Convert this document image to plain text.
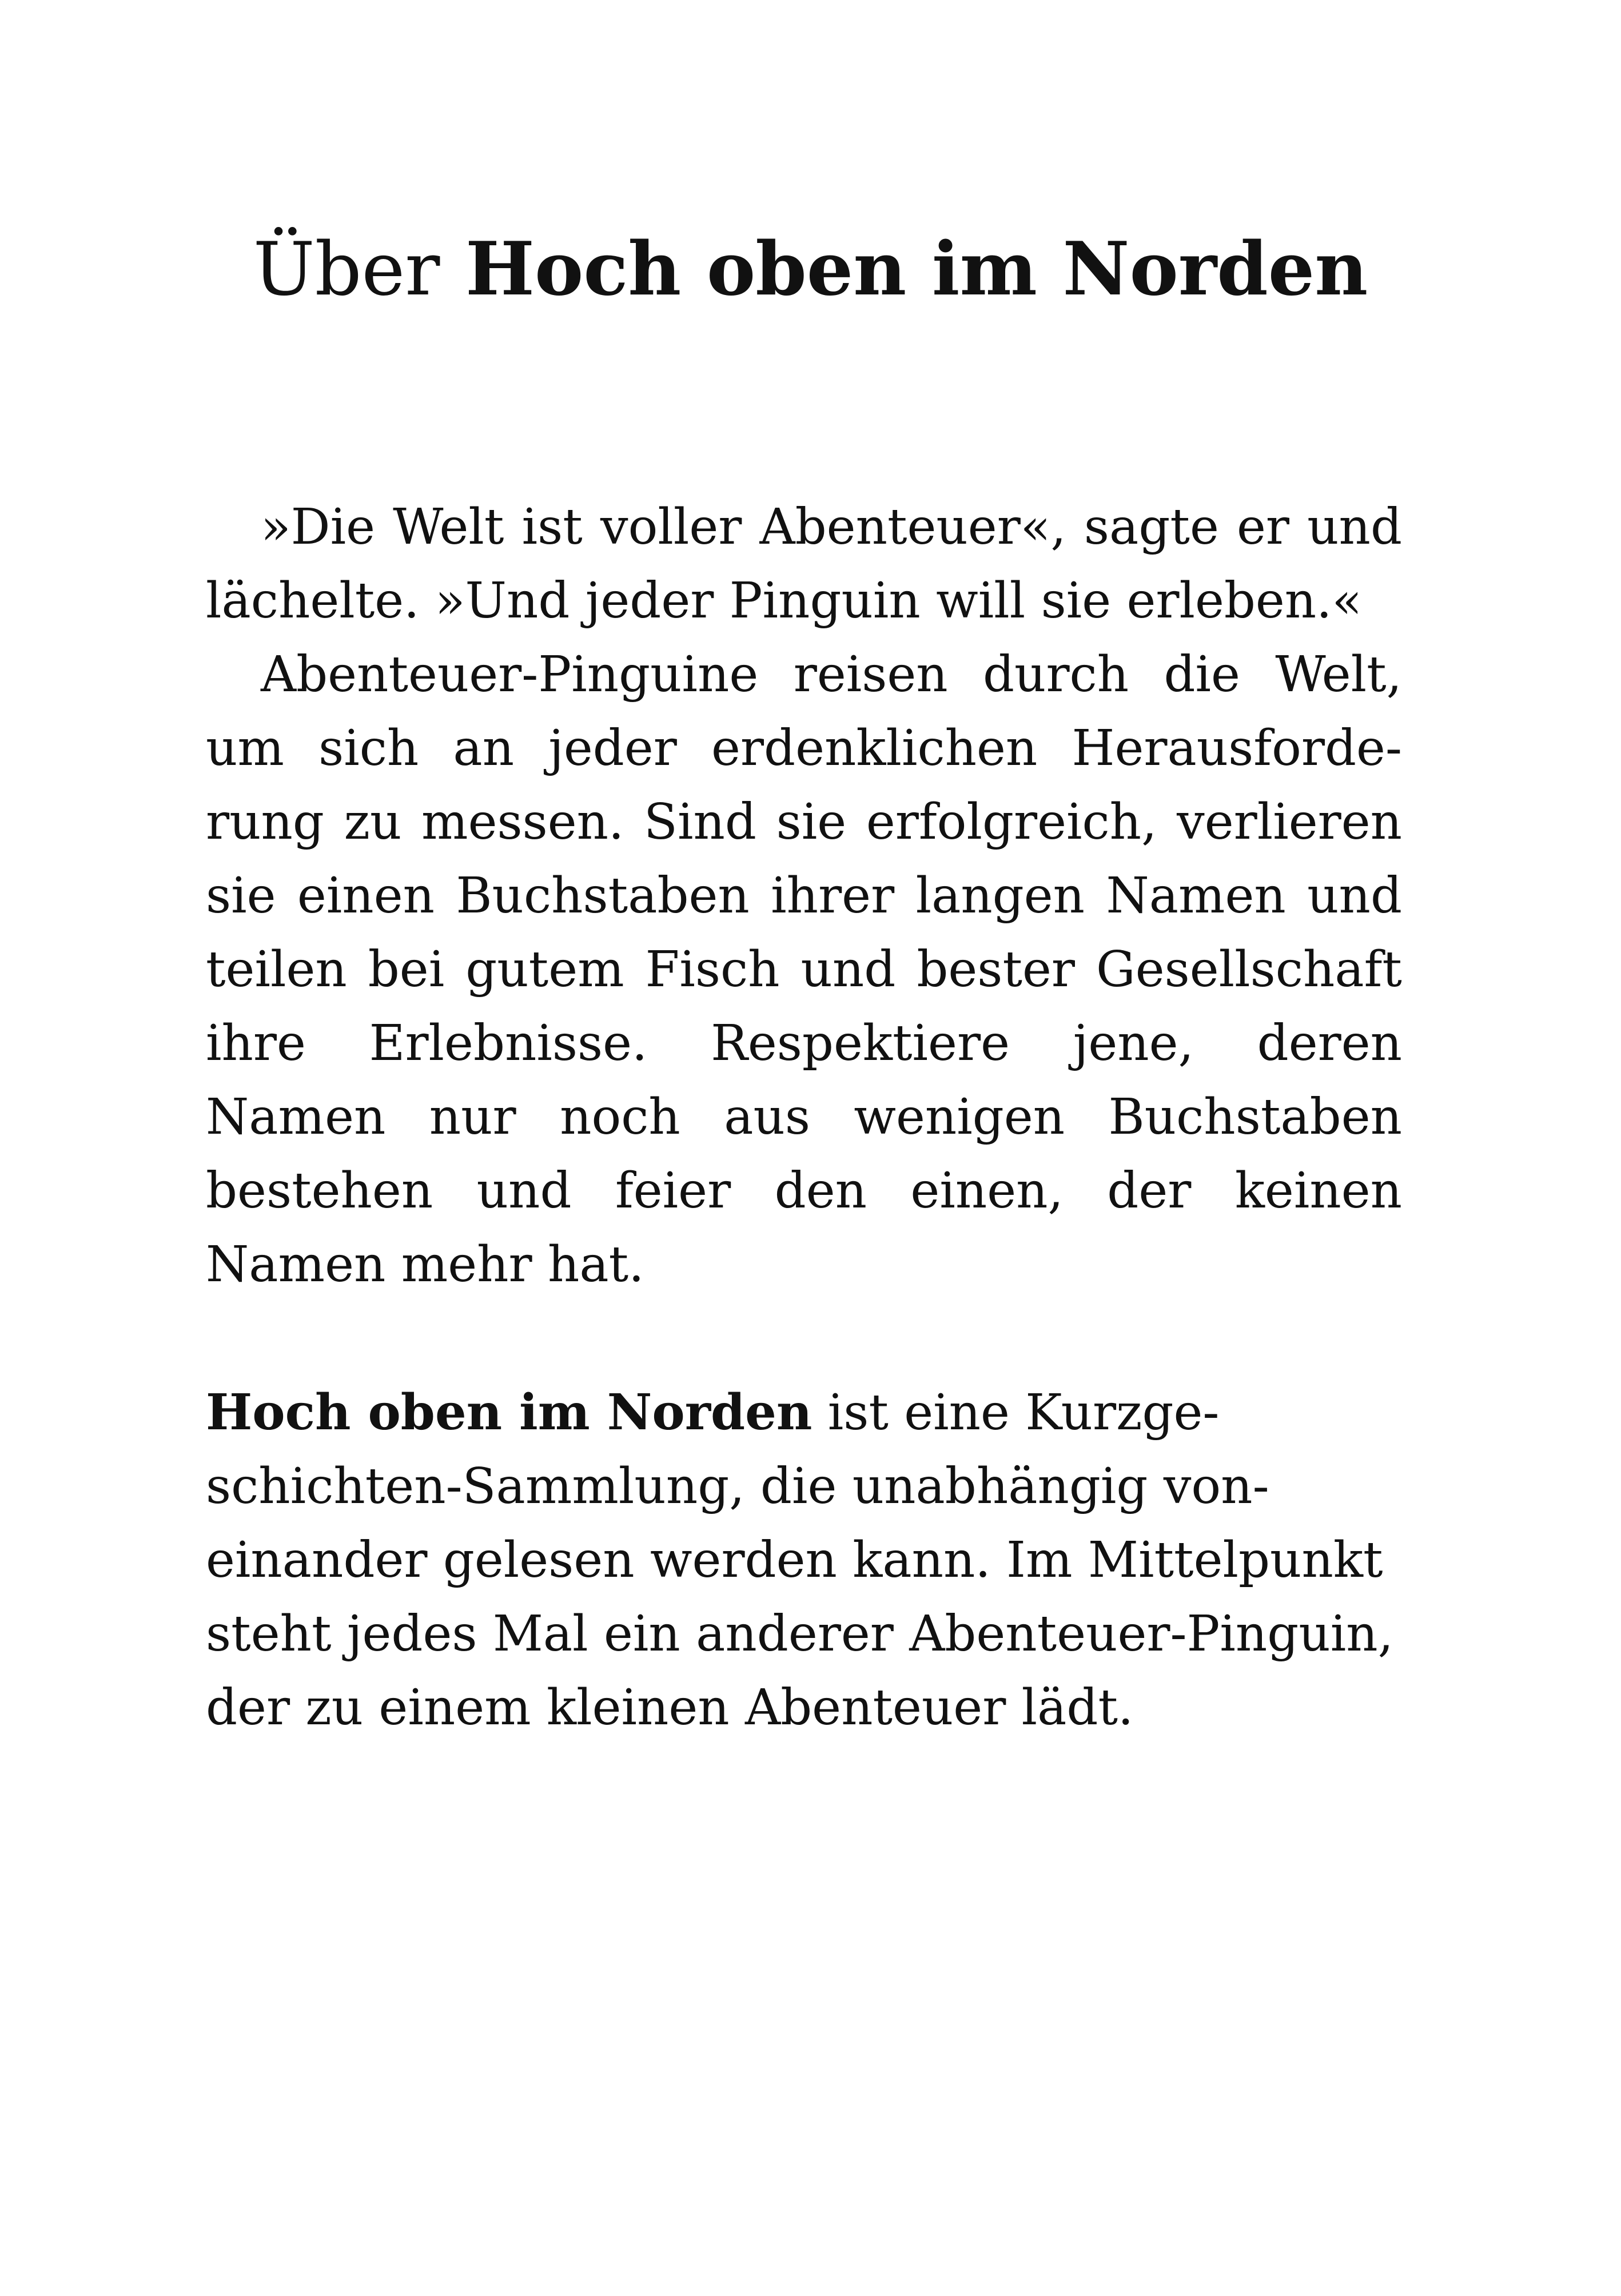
Über Hoch oben im Norden

»Die Welt ist voller Abenteuer«, sagte er und lächelte. »Und jeder Pinguin will sie erleben.«

Abenteuer-Pinguine reisen durch die Welt, um sich an jeder erdenklichen Herausforderung zu messen. Sind sie erfolgreich, verlieren sie einen Buchstaben ihrer langen Namen und teilen bei gutem Fisch und bester Gesellschaft ihre Erlebnisse. Respektiere jene, deren Namen nur noch aus wenigen Buchstaben bestehen und feier den einen, der keinen Namen mehr hat.

Hoch oben im Norden ist eine Kurzgeschichten-Sammlung, die unabhängig voneinander gelesen werden kann. Im Mittelpunkt steht jedes Mal ein anderer Abenteuer-Pinguin, der zu einem kleinen Abenteuer lädt.
